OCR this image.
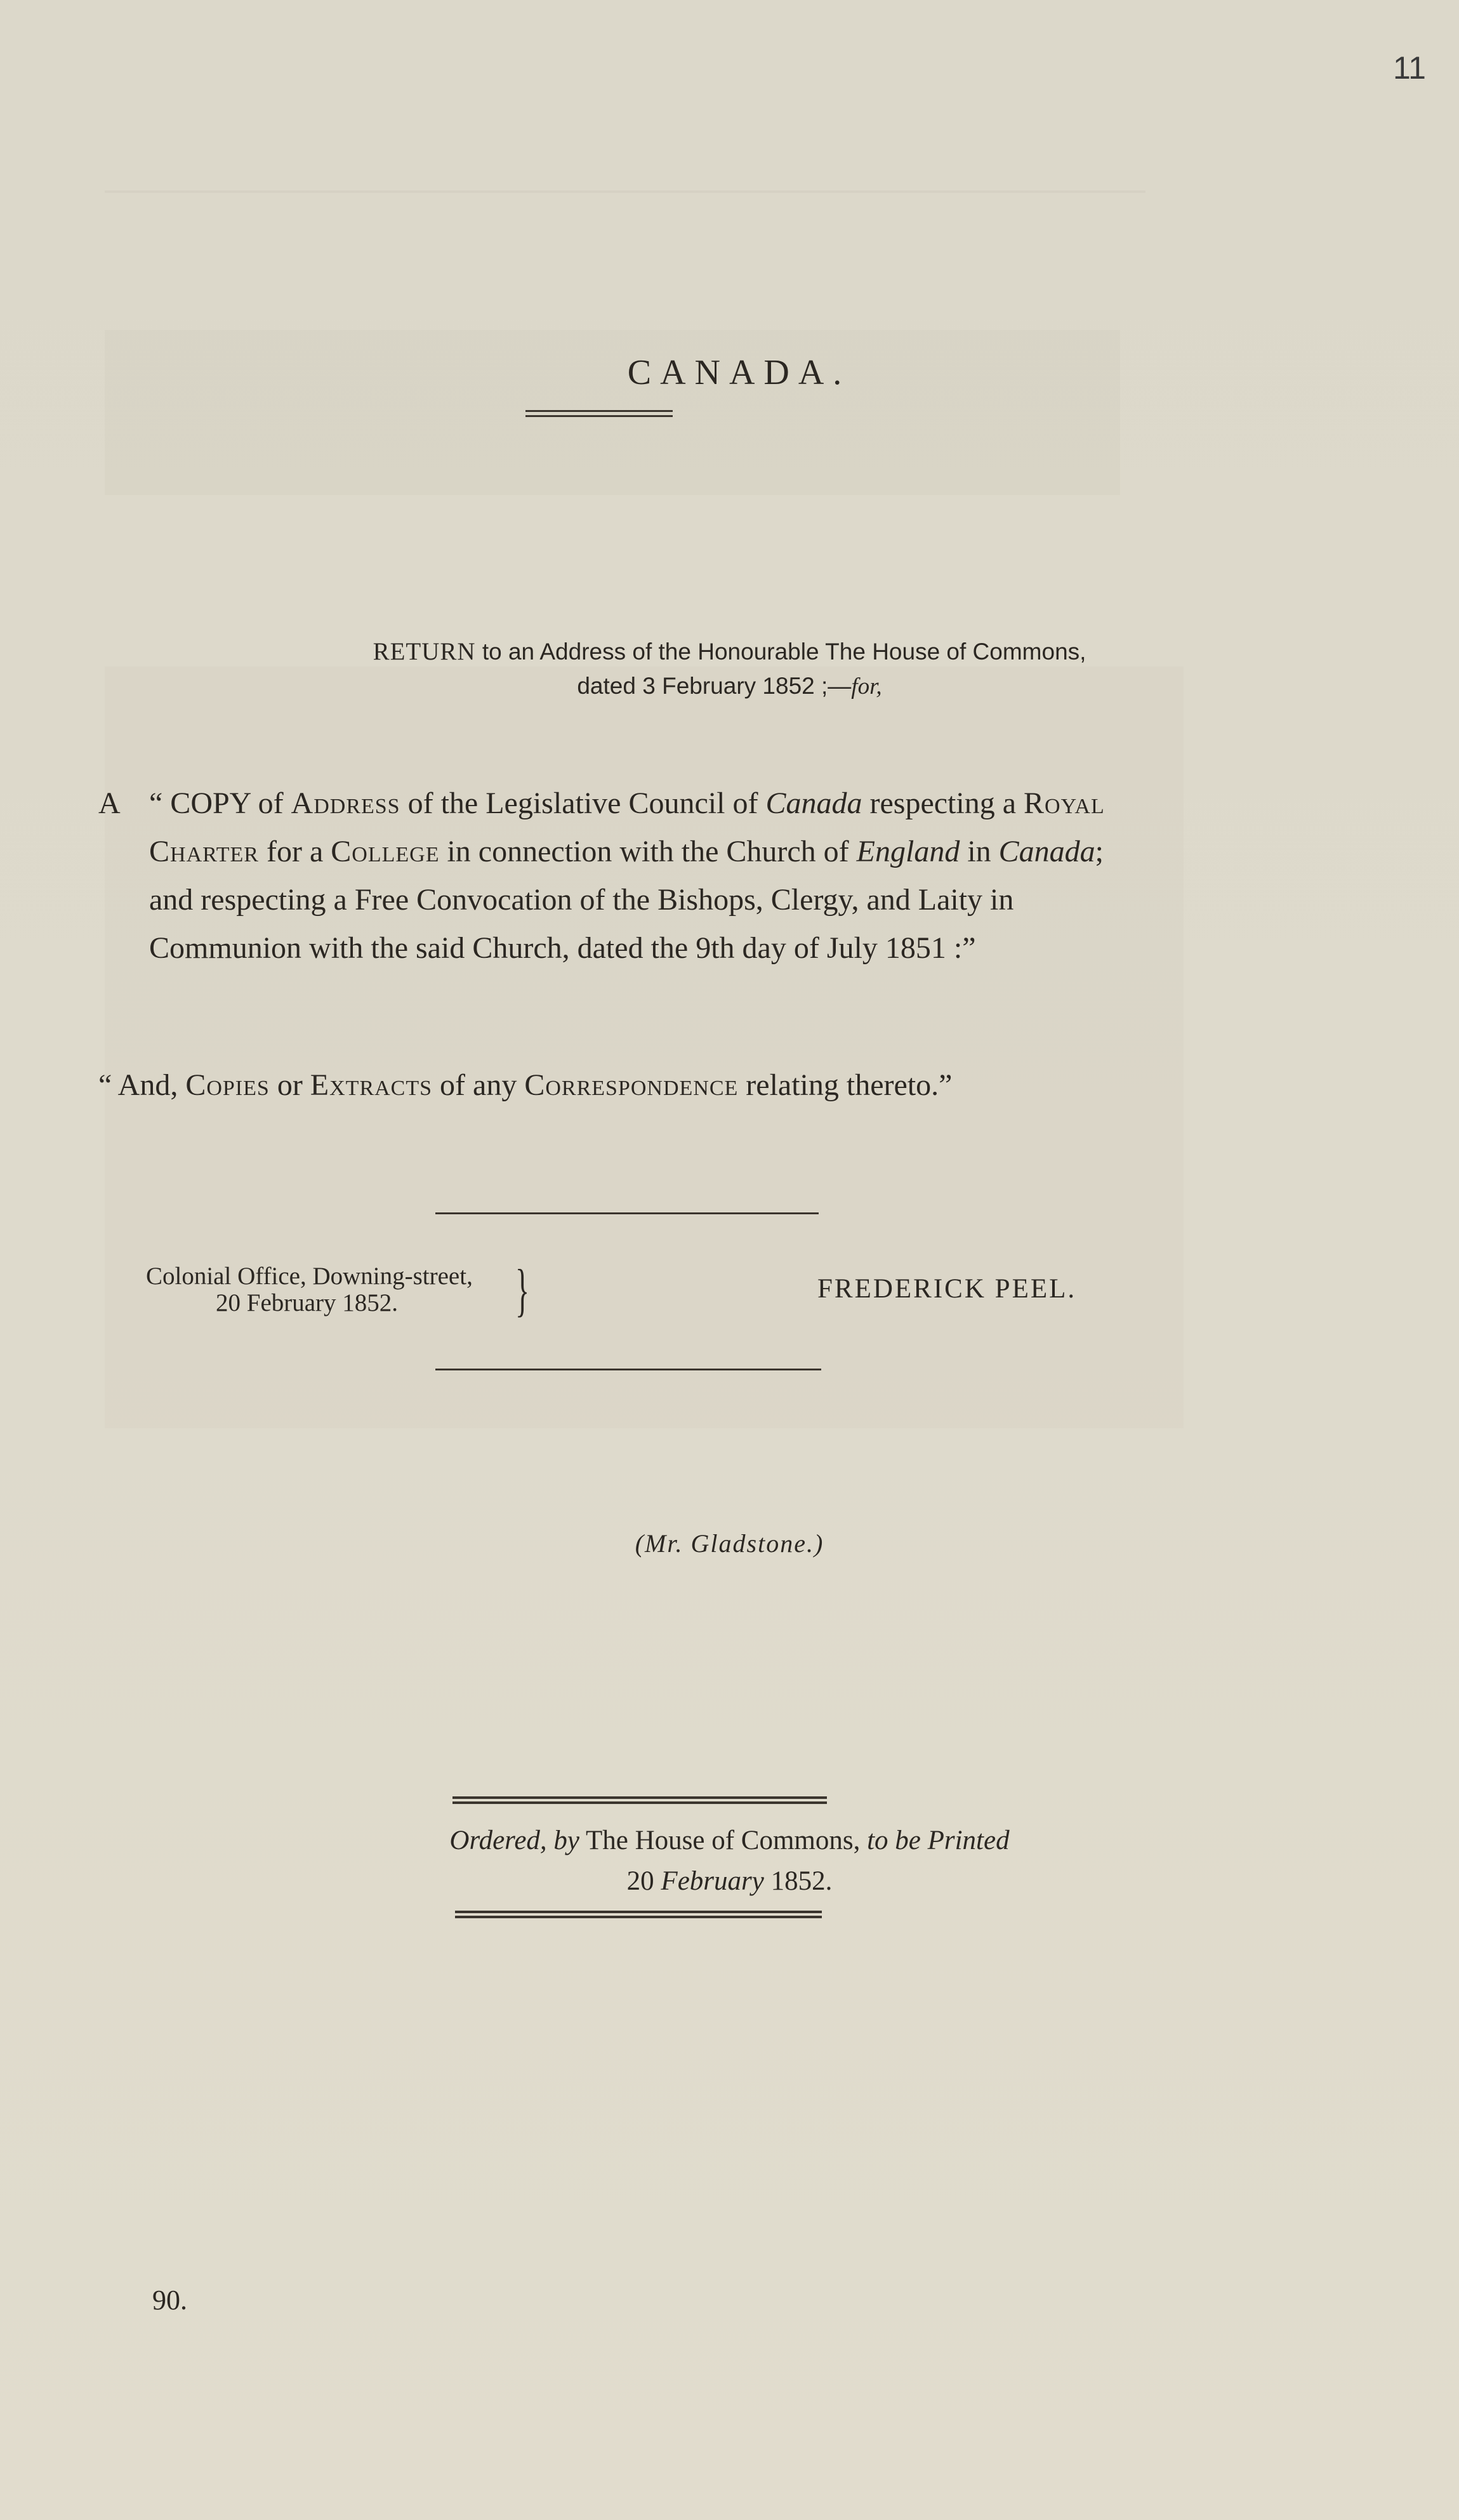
11
CANADA.
RETURN to an Address of the Honourable The House of Commons,
dated 3 February 1852 ;—for,
A “ COPY of Address of the Legislative Council of Canada respecting a Royal Charter for a College in connection with the Church of England in Canada; and respecting a Free Convocation of the Bishops, Clergy, and Laity in Communion with the said Church, dated the 9th day of July 1851 :”
“ And, Copies or Extracts of any Correspondence relating thereto.”
Colonial Office, Downing-street,
20 February 1852.	}	FREDERICK PEEL.
(Mr. Gladstone.)
Ordered, by The House of Commons, to be Printed
20 February 1852.
90.
